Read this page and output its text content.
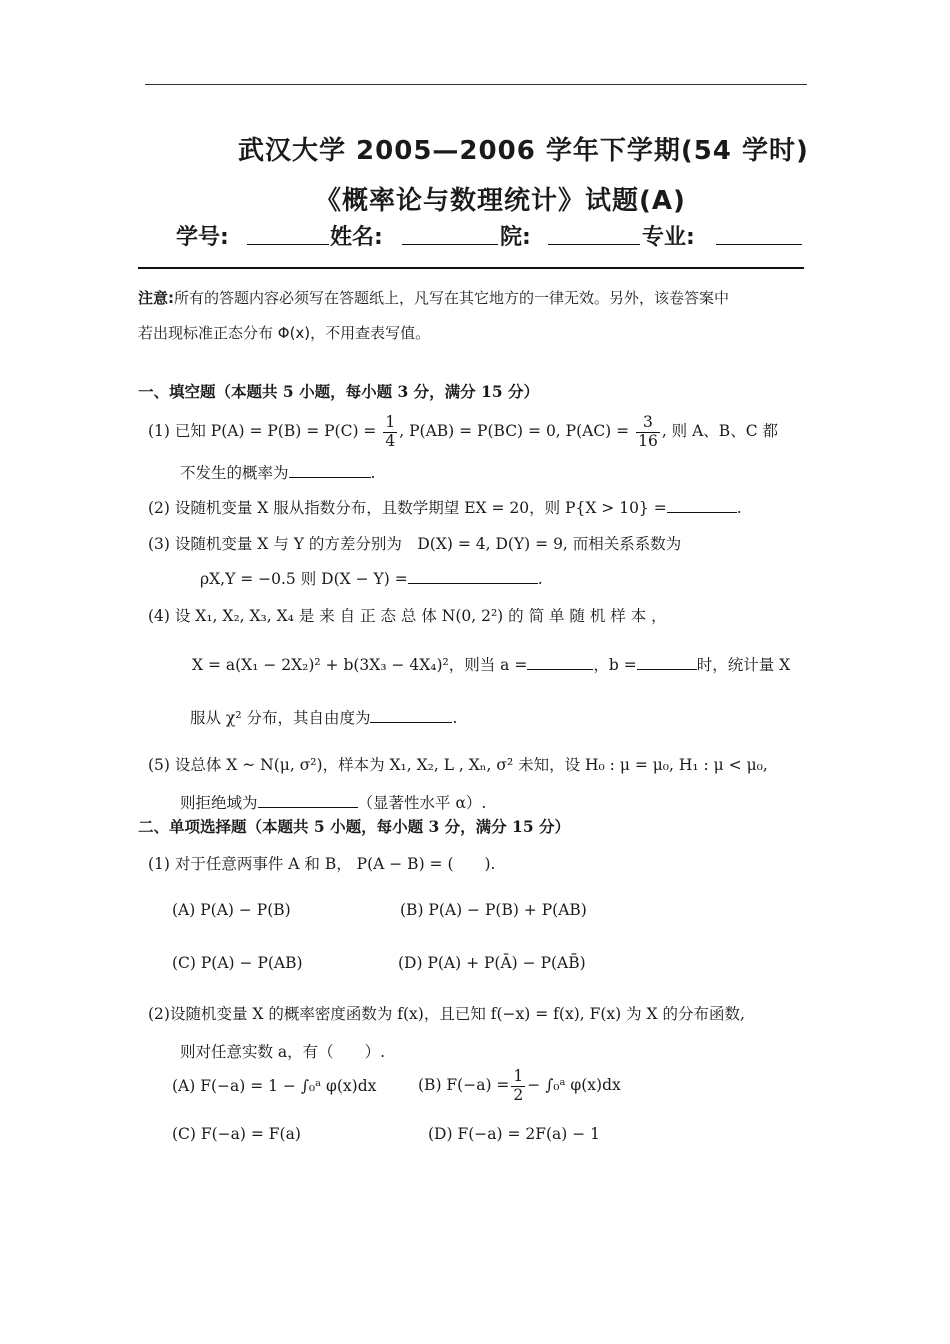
武汉大学 2005—2006 学年下学期(54 学时)
《概率论与数理统计》试题(A)
学号:	姓名:	院:	专业:
注意:所有的答题内容必须写在答题纸上，凡写在其它地方的一律无效。另外，该卷答案中
若出现标准正态分布 Φ(x)，不用查表写值。
一、填空题（本题共 5 小题，每小题 3 分，满分 15 分）
(1) 已知 $P(A) = P(B) = P(C) = \frac{1}{4}$ , P(AB) = P(BC) = 0, $P(AC) = \frac{3}{16}$ , 则 A、B、C 都
不发生的概率为	.
(2) 设随机变量 X 服从指数分布，且数学期望 EX = 20，则 P{X > 10} =	.
(3) 设随机变量 X 与 Y 的方差分别为　D(X) = 4, D(Y) = 9, 而相关系系数为
ρX,Y = −0.5 则 D(X − Y) =	.
(4) 设 X₁, X₂, X₃, X₄ 是 来 自 正 态 总 体 N(0, 2²) 的 简 单 随 机 样 本 ，
X = a(X₁ − 2X₂)² + b(3X₃ − 4X₄)²，则当 a =	，b =	时，统计量 X
服从 χ² 分布，其自由度为	.
(5) 设总体 X ~ N(μ, σ²)，样本为 X₁, X₂, L , Xₙ, σ² 未知，设 H₀ : μ = μ₀, H₁ : μ < μ₀,
则拒绝域为	（显著性水平 α）.
二、单项选择题（本题共 5 小题，每小题 3 分，满分 15 分）
(1) 对于任意两事件 A 和 B， P(A − B) = (　　).
(A) P(A) − P(B)	(B) P(A) − P(B) + P(AB)
(C) P(A) − P(AB)	(D) P(A) + P(Ā) − P(AB̄)
(2)设随机变量 X 的概率密度函数为 f(x)，且已知 f(−x) = f(x), F(x) 为 X 的分布函数,
则对任意实数 a，有（　　）.
(A) F(−a) = 1 − ∫₀ᵃ φ(x)dx	(B) $F(-a) = \frac{1}{2}$ − ∫₀ᵃ φ(x)dx
(C) F(−a) = F(a)	(D) F(−a) = 2F(a) − 1
